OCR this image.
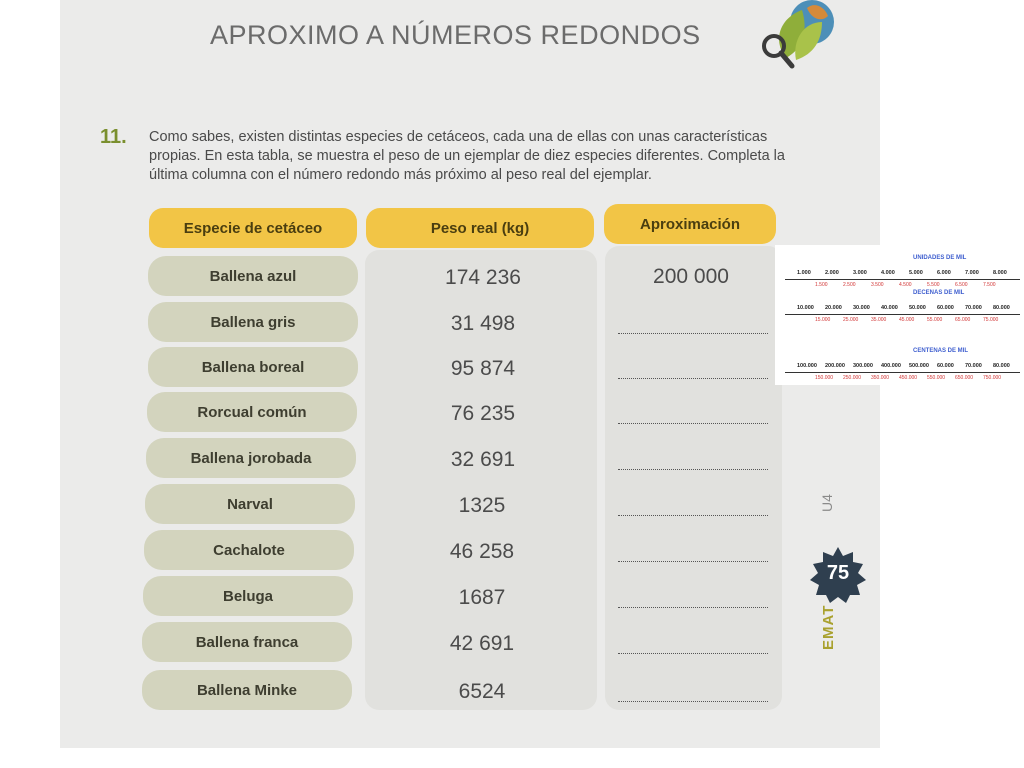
APROXIMO A NÚMEROS REDONDOS
11. Como sabes, existen distintas especies de cetáceos, cada una de ellas con unas características propias. En esta tabla, se muestra el peso de un ejemplar de diez especies diferentes. Completa la última columna con el número redondo más próximo al peso real del ejemplar.
Especie de cetáceo	Peso real (kg)	Aproximación
Ballena azul	174 236	200 000
Ballena gris	31 498
Ballena boreal	95 874
Rorcual común	76 235
Ballena jorobada	32 691
Narval	1325
Cachalote	46 258
Beluga	1687
Ballena franca	42 691
Ballena Minke	6524
U4
75
EMAT
UNIDADES DE MIL
1.000	2.000	3.000	4.000	5.000	6.000	7.000	8.000
1.500	2.500	3.500	4.500	5.500	6.500	7.500
DECENAS DE MIL
10.000 20.000 30.000 40.000 50.000 60.000 70.000 80.000
15.000	25.000	35.000	45.000	55.000	65.000	75.000
CENTENAS DE MIL
100.000 200.000 300.000 400.000 500.000 60.000 70.000 80.000
150.000 250.000 350.000 450.000 550.000 650.000 750.000
